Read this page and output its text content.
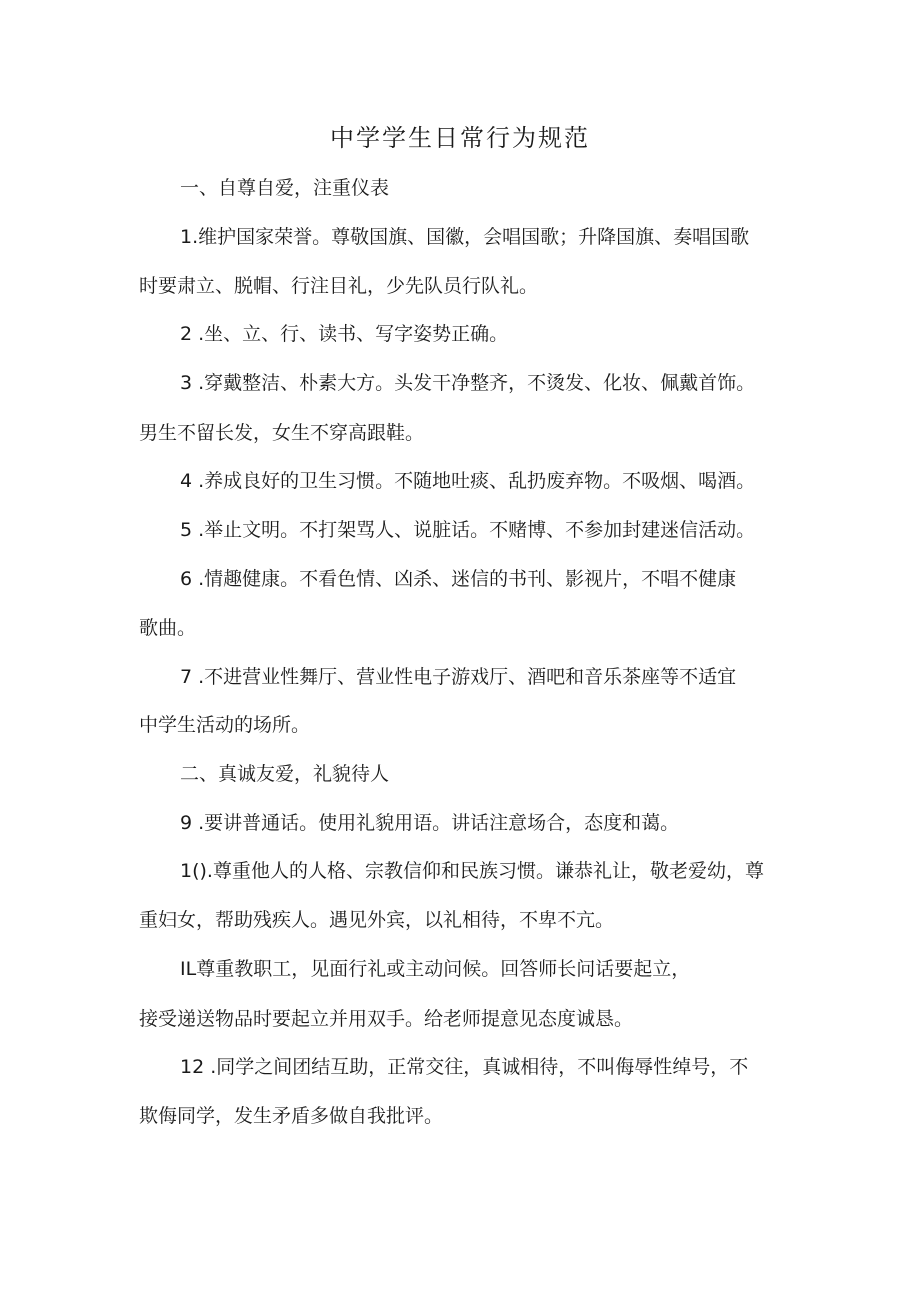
中学学生日常行为规范
一、自尊自爱，注重仪表
1.维护国家荣誉。尊敬国旗、国徽，会唱国歌；升降国旗、奏唱国歌
时要肃立、脱帽、行注目礼，少先队员行队礼。
2 .坐、立、行、读书、写字姿势正确。
3 .穿戴整洁、朴素大方。头发干净整齐，不烫发、化妆、佩戴首饰。
男生不留长发，女生不穿高跟鞋。
4 .养成良好的卫生习惯。不随地吐痰、乱扔废弃物。不吸烟、喝酒。
5 .举止文明。不打架骂人、说脏话。不赌博、不参加封建迷信活动。
6 .情趣健康。不看色情、凶杀、迷信的书刊、影视片，不唱不健康
歌曲。
7 .不进营业性舞厅、营业性电子游戏厅、酒吧和音乐茶座等不适宜
中学生活动的场所。
二、真诚友爱，礼貌待人
9 .要讲普通话。使用礼貌用语。讲话注意场合，态度和蔼。
1().尊重他人的人格、宗教信仰和民族习惯。谦恭礼让，敬老爱幼，尊
重妇女，帮助残疾人。遇见外宾，以礼相待，不卑不亢。
IL尊重教职工，见面行礼或主动问候。回答师长问话要起立，
接受递送物品时要起立并用双手。给老师提意见态度诚恳。
12 .同学之间团结互助，正常交往，真诚相待，不叫侮辱性绰号，不
欺侮同学，发生矛盾多做自我批评。
